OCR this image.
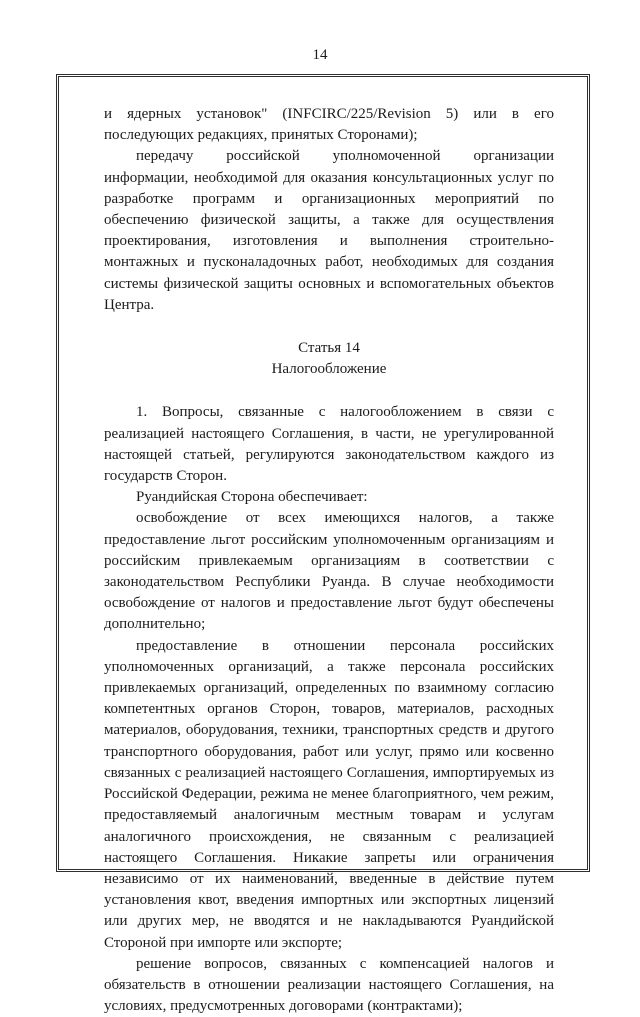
14

и ядерных установок" (INFCIRC/225/Revision 5) или в его последующих редакциях, принятых Сторонами);

передачу российской уполномоченной организации информации, необходимой для оказания консультационных услуг по разработке программ и организационных мероприятий по обеспечению физической защиты, а также для осуществления проектирования, изготовления и выполнения строительно-монтажных и пусконаладочных работ, необходимых для создания системы физической защиты основных и вспомогательных объектов Центра.

Статья 14

Налогообложение

1. Вопросы, связанные с налогообложением в связи с реализацией настоящего Соглашения, в части, не урегулированной настоящей статьей, регулируются законодательством каждого из государств Сторон.

Руандийская Сторона обеспечивает:

освобождение от всех имеющихся налогов, а также предоставление льгот российским уполномоченным организациям и российским привлекаемым организациям в соответствии с законодательством Республики Руанда. В случае необходимости освобождение от налогов и предоставление льгот будут обеспечены дополнительно;

предоставление в отношении персонала российских уполномоченных организаций, а также персонала российских привлекаемых организаций, определенных по взаимному согласию компетентных органов Сторон, товаров, материалов, расходных материалов, оборудования, техники, транспортных средств и другого транспортного оборудования, работ или услуг, прямо или косвенно связанных с реализацией настоящего Соглашения, импортируемых из Российской Федерации, режима не менее благоприятного, чем режим, предоставляемый аналогичным местным товарам и услугам аналогичного происхождения, не связанным с реализацией настоящего Соглашения. Никакие запреты или ограничения независимо от их наименований, введенные в действие путем установления квот, введения импортных или экспортных лицензий или других мер, не вводятся и не накладываются Руандийской Стороной при импорте или экспорте;

решение вопросов, связанных с компенсацией налогов и обязательств в отношении реализации настоящего Соглашения, на условиях, предусмотренных договорами (контрактами);
